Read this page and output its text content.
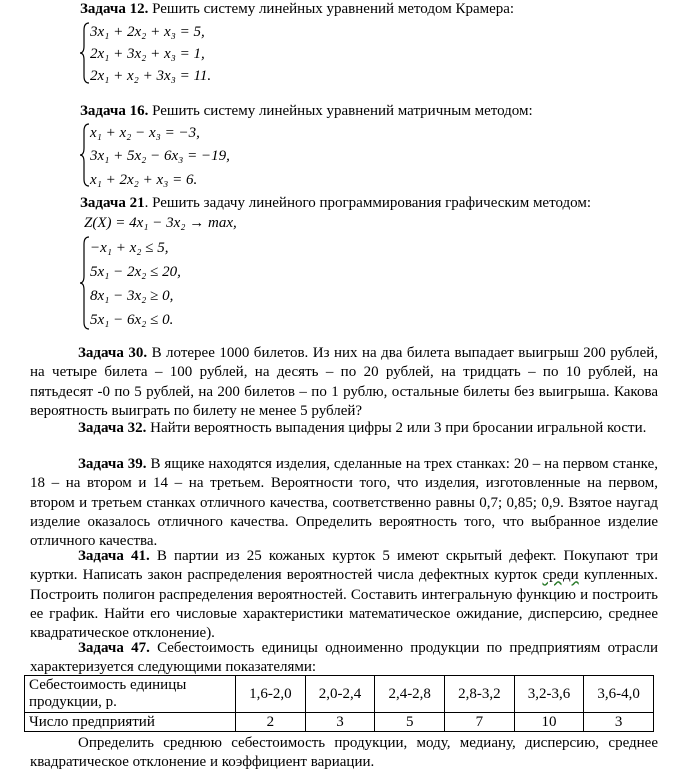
Задача 12. Решить систему линейных уравнений методом Крамера:
3x₁ + 2x₂ + x₃ = 5,
2x₁ + 3x₂ + x₃ = 1,
2x₁ + x₂ + 3x₃ = 11.
Задача 16. Решить систему линейных уравнений матричным методом:
x₁ + x₂ − x₃ = −3,
3x₁ + 5x₂ − 6x₃ = −19,
x₁ + 2x₂ + x₃ = 6.
Задача 21. Решить задачу линейного программирования графическим методом:
Z(X) = 4x₁ − 3x₂ → max,
−x₁ + x₂ ≤ 5,
5x₁ − 2x₂ ≤ 20,
8x₁ − 3x₂ ≥ 0,
5x₁ − 6x₂ ≤ 0.
Задача 30. В лотерее 1000 билетов. Из них на два билета выпадает выигрыш 200 рублей, на четыре билета – 100 рублей, на десять – по 20 рублей, на тридцать – по 10 рублей, на пятьдесят -0 по 5 рублей, на 200 билетов – по 1 рублю, остальные билеты без выигрыша. Какова вероятность выиграть по билету не менее 5 рублей?
Задача 32. Найти вероятность выпадения цифры 2 или 3 при бросании игральной кости.
Задача 39. В ящике находятся изделия, сделанные на трех станках: 20 – на первом станке, 18 – на втором и 14 – на третьем. Вероятности того, что изделия, изготовленные на первом, втором и третьем станках отличного качества, соответственно равны 0,7; 0,85; 0,9. Взятое наугад изделие оказалось отличного качества. Определить вероятность того, что выбранное изделие отличного качества.
Задача 41. В партии из 25 кожаных курток 5 имеют скрытый дефект. Покупают три куртки. Написать закон распределения вероятностей числа дефектных курток среди купленных. Построить полигон распределения вероятностей. Составить интегральную функцию и построить ее график. Найти его числовые характеристики математическое ожидание, дисперсию, среднее квадратическое отклонение).
Задача 47. Себестоимость единицы одноименно продукции по предприятиям отрасли характеризуется следующими показателями:
Себестоимость единицы продукции, р.	1,6-2,0	2,0-2,4	2,4-2,8	2,8-3,2	3,2-3,6	3,6-4,0
Число предприятий	2	3	5	7	10	3
Определить среднюю себестоимость продукции, моду, медиану, дисперсию, среднее квадратическое отклонение и коэффициент вариации.
